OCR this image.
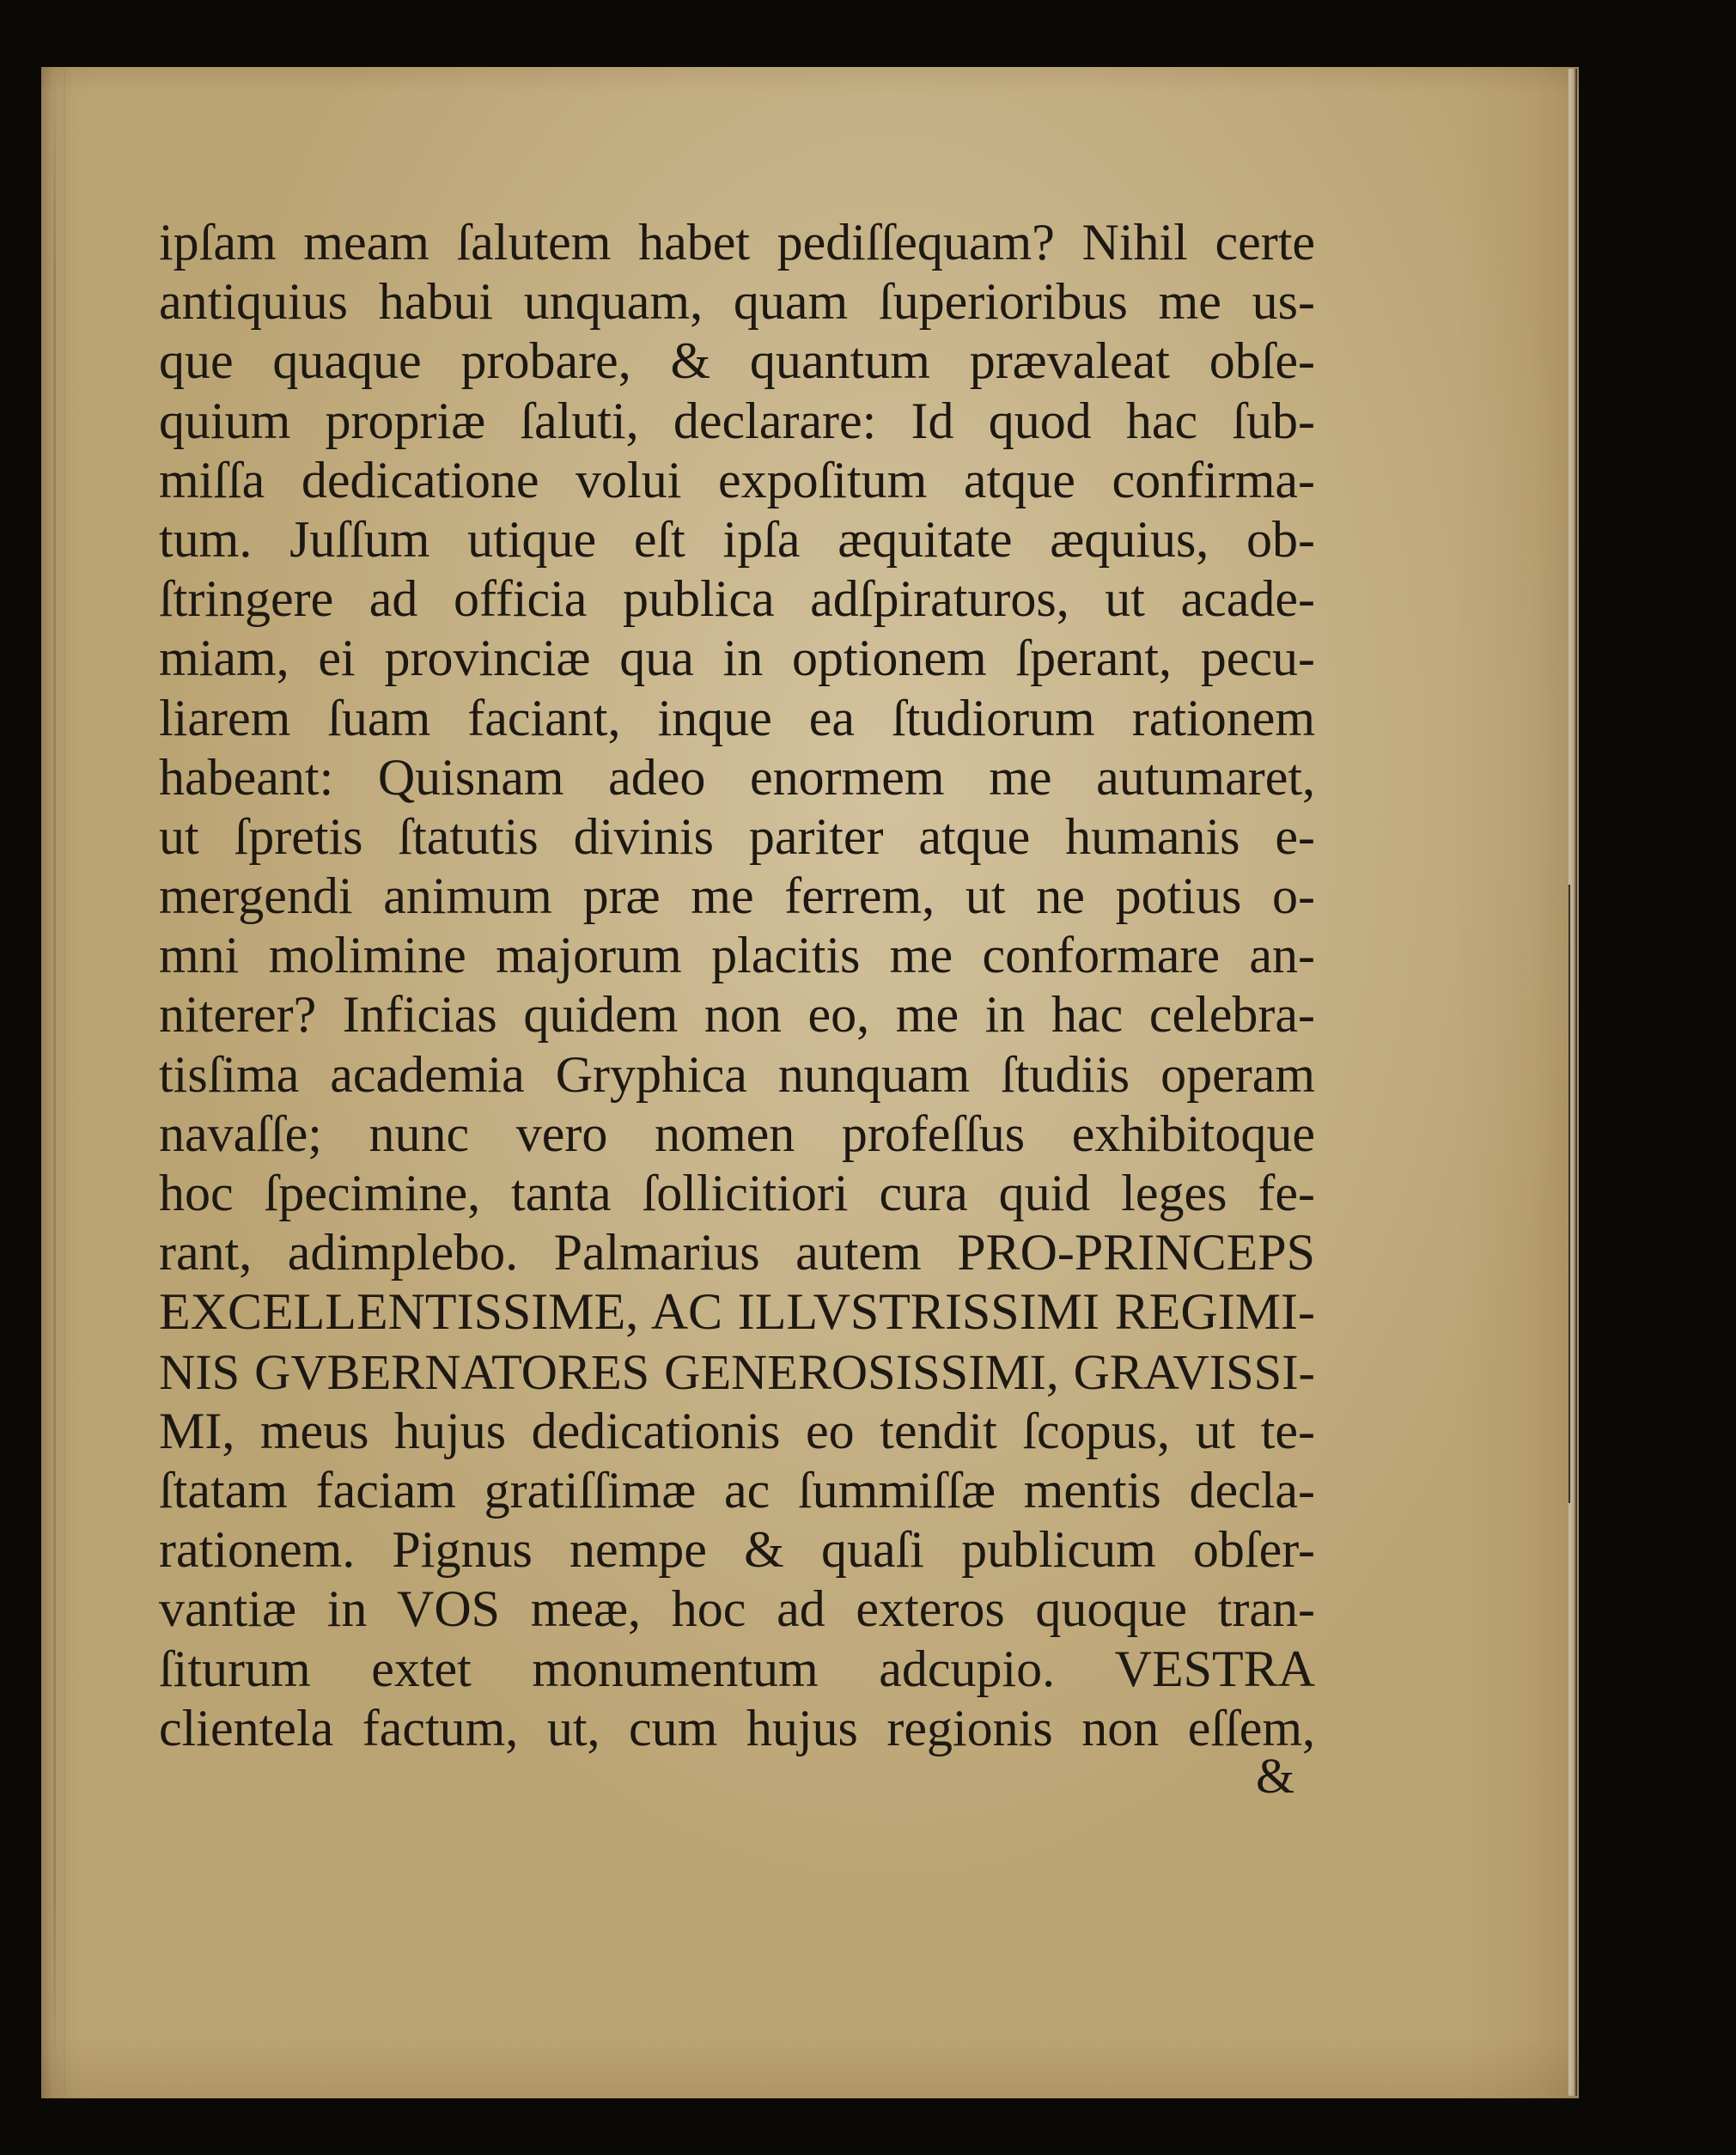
ipſam meam ſalutem habet pediſſequam? Nihil certe
antiquius habui unquam, quam ſuperioribus me us-
que quaque probare, & quantum prævaleat obſe-
quium propriæ ſaluti, declarare: Id quod hac ſub-
miſſa dedicatione volui expoſitum atque confirma-
tum. Juſſum utique eſt ipſa æquitate æquius, ob-
ſtringere ad officia publica adſpiraturos, ut acade-
miam, ei provinciæ qua in optionem ſperant, pecu-
liarem ſuam faciant, inque ea ſtudiorum rationem
habeant: Quisnam adeo enormem me autumaret,
ut ſpretis ſtatutis divinis pariter atque humanis e-
mergendi animum præ me ferrem, ut ne potius o-
mni molimine majorum placitis me conformare an-
niterer? Inficias quidem non eo, me in hac celebra-
tisſima academia Gryphica nunquam ſtudiis operam
navaſſe; nunc vero nomen profeſſus exhibitoque
hoc ſpecimine, tanta ſollicitiori cura quid leges fe-
rant, adimplebo. Palmarius autem PRO-PRINCEPS
EXCELLENTISSIME, AC ILLVSTRISSIMI REGIMI-
NIS GVBERNATORES GENEROSISSIMI, GRAVISSI-
MI, meus hujus dedicationis eo tendit ſcopus, ut te-
ſtatam faciam gratiſſimæ ac ſummiſſæ mentis decla-
rationem. Pignus nempe & quaſi publicum obſer-
vantiæ in VOS meæ, hoc ad exteros quoque tran-
ſiturum extet monumentum adcupio. VESTRA
clientela factum, ut, cum hujus regionis non eſſem,
&
